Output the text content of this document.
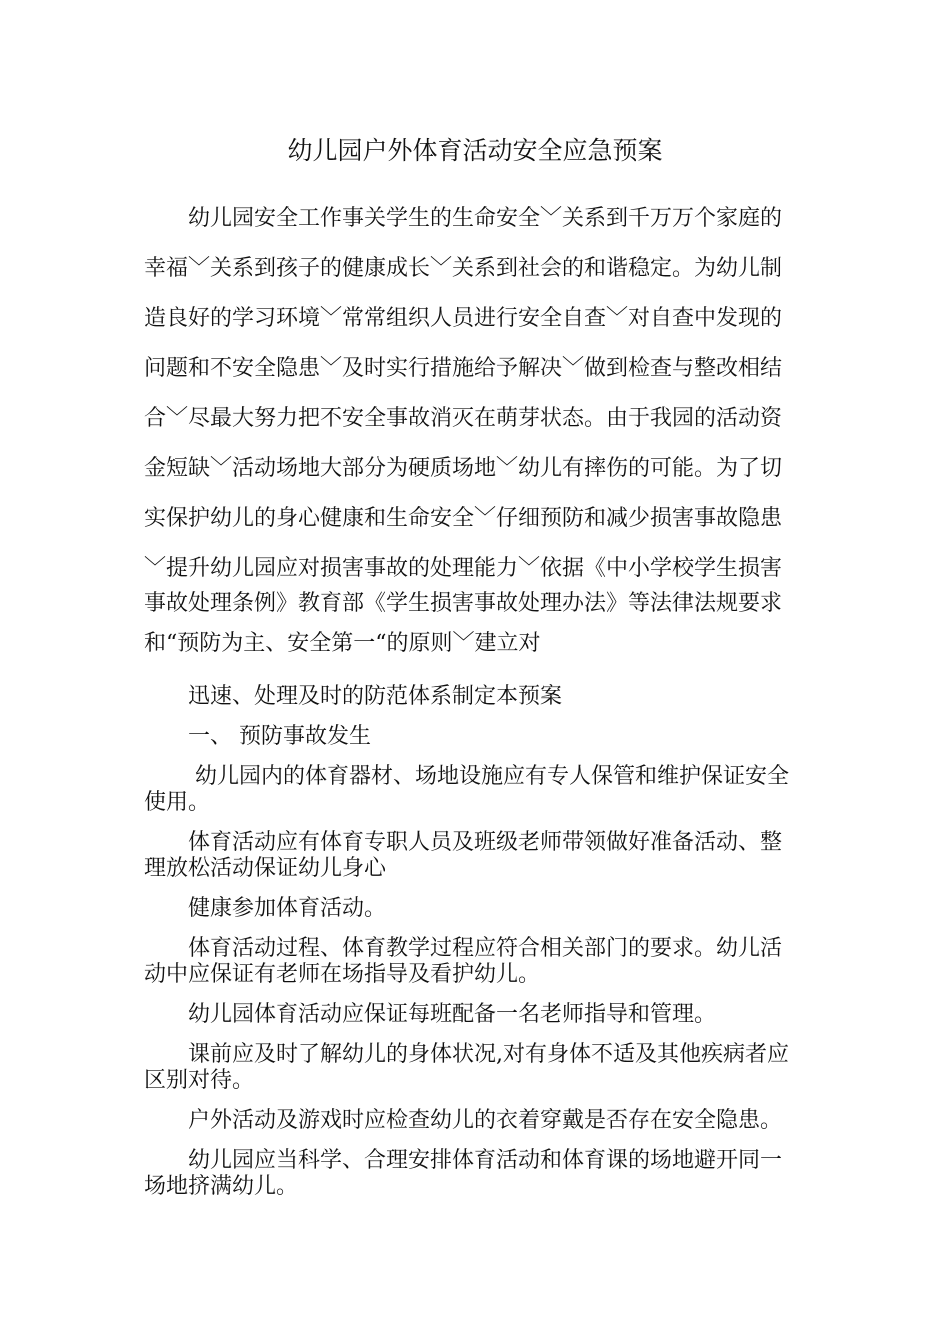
幼儿园户外体育活动安全应急预案
　　幼儿园安全工作事关学生的生命安全﹀关系到千万万个家庭的
幸福﹀关系到孩子的健康成长﹀关系到社会的和谐稳定。为幼儿制
造良好的学习环境﹀常常组织人员进行安全自查﹀对自查中发现的
问题和不安全隐患﹀及时实行措施给予解决﹀做到检查与整改相结
合﹀尽最大努力把不安全事故消灭在萌芽状态。由于我园的活动资
金短缺﹀活动场地大部分为硬质场地﹀幼儿有摔伤的可能。为了切
实保护幼儿的身心健康和生命安全﹀仔细预防和减少损害事故隐患
﹀提升幼儿园应对损害事故的处理能力﹀依据《中小学校学生损害
事故处理条例》教育部《学生损害事故处理办法》等法律法规要求
和“预防为主、安全第一“的原则﹀建立对
　　迅速、处理及时的防范体系制定本预案
　　一、 预防事故发生
　　 幼儿园内的体育器材、场地设施应有专人保管和维护保证安全
使用。
　　体育活动应有体育专职人员及班级老师带领做好准备活动、整
理放松活动保证幼儿身心
　　健康参加体育活动。
　　体育活动过程、体育教学过程应符合相关部门的要求。幼儿活
动中应保证有老师在场指导及看护幼儿。
　　幼儿园体育活动应保证每班配备一名老师指导和管理。
　　课前应及时了解幼儿的身体状况,对有身体不适及其他疾病者应
区别对待。
　　户外活动及游戏时应检查幼儿的衣着穿戴是否存在安全隐患。
　　幼儿园应当科学、合理安排体育活动和体育课的场地避开同一
场地挤满幼儿。
